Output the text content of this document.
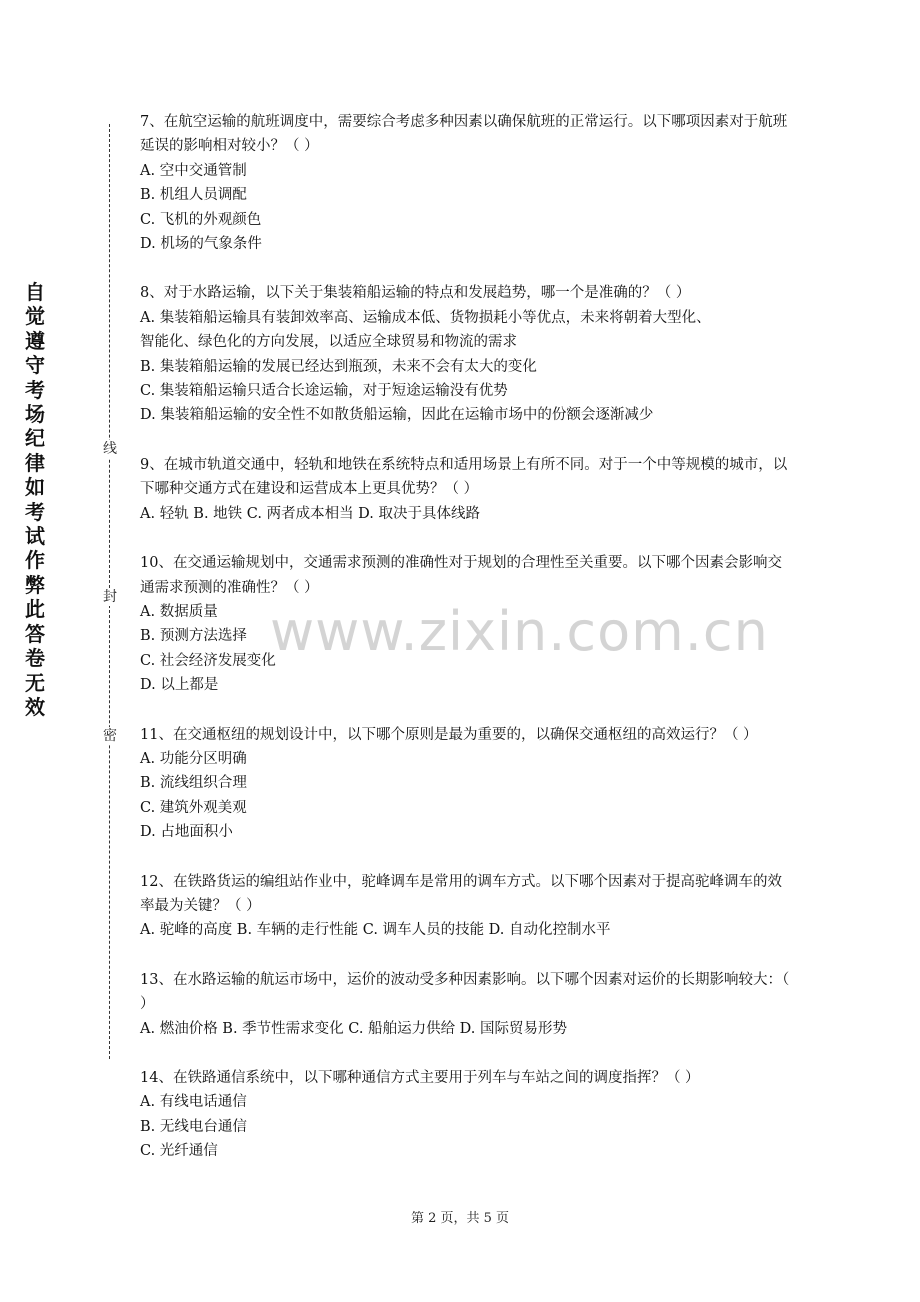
线
封
密
自觉遵守考场纪律如考试作弊此答卷无效
www.zixin.com.cn

7、在航空运输的航班调度中，需要综合考虑多种因素以确保航班的正常运行。以下哪项因素对于航班延误的影响相对较小？（ ）

A. 空中交通管制

B. 机组人员调配

C. 飞机的外观颜色

D. 机场的气象条件

8、对于水路运输，以下关于集装箱船运输的特点和发展趋势，哪一个是准确的？（ ）

A. 集装箱船运输具有装卸效率高、运输成本低、货物损耗小等优点，未来将朝着大型化、

智能化、绿色化的方向发展，以适应全球贸易和物流的需求

B. 集装箱船运输的发展已经达到瓶颈，未来不会有太大的变化

C. 集装箱船运输只适合长途运输，对于短途运输没有优势

D. 集装箱船运输的安全性不如散货船运输，因此在运输市场中的份额会逐渐减少

9、在城市轨道交通中，轻轨和地铁在系统特点和适用场景上有所不同。对于一个中等规模的城市，以下哪种交通方式在建设和运营成本上更具优势？（ ）

A. 轻轨 B. 地铁 C. 两者成本相当 D. 取决于具体线路

10、在交通运输规划中，交通需求预测的准确性对于规划的合理性至关重要。以下哪个因素会影响交通需求预测的准确性？（ ）

A. 数据质量

B. 预测方法选择

C. 社会经济发展变化

D. 以上都是

11、在交通枢纽的规划设计中，以下哪个原则是最为重要的，以确保交通枢纽的高效运行？（ ）

A. 功能分区明确

B. 流线组织合理

C. 建筑外观美观

D. 占地面积小

12、在铁路货运的编组站作业中，驼峰调车是常用的调车方式。以下哪个因素对于提高驼峰调车的效率最为关键？（ ）

A. 驼峰的高度 B. 车辆的走行性能 C. 调车人员的技能 D. 自动化控制水平

13、在水路运输的航运市场中，运价的波动受多种因素影响。以下哪个因素对运价的长期影响较大：（ ）

A. 燃油价格 B. 季节性需求变化 C. 船舶运力供给 D. 国际贸易形势

14、在铁路通信系统中，以下哪种通信方式主要用于列车与车站之间的调度指挥？（ ）

A. 有线电话通信

B. 无线电台通信

C. 光纤通信

第 2 页，共 5 页
